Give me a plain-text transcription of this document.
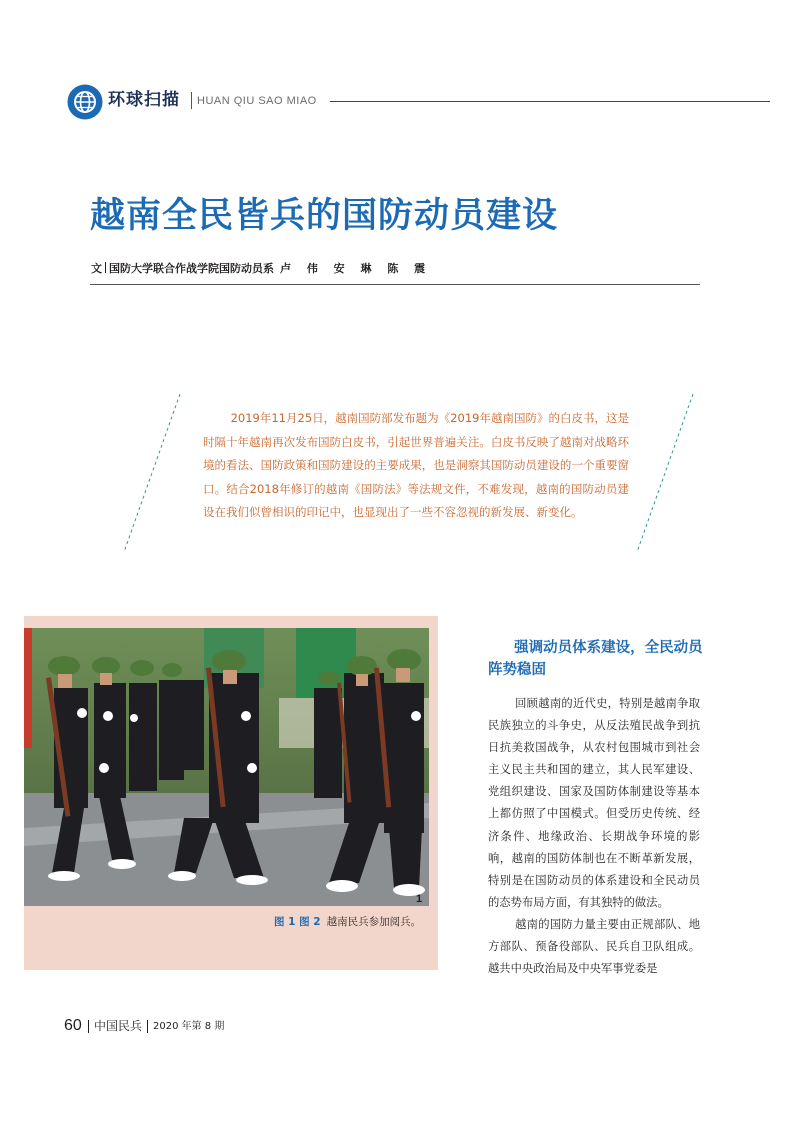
环球扫描 HUAN QIU SAO MIAO
越南全民皆兵的国防动员建设
文 国防大学联合作战学院国防动员系 卢 伟 安 琳 陈 震
2019年11月25日，越南国防部发布题为《2019年越南国防》的白皮书，这是时隔十年越南再次发布国防白皮书，引起世界普遍关注。白皮书反映了越南对战略环境的看法、国防政策和国防建设的主要成果，也是洞察其国防动员建设的一个重要窗口。结合2018年修订的越南《国防法》等法规文件，不难发现，越南的国防动员建设在我们似曾相识的印记中，也显现出了一些不容忽视的新发展、新变化。
1
图 1 图 2 越南民兵参加阅兵。
强调动员体系建设，全民动员阵势稳固

回顾越南的近代史，特别是越南争取民族独立的斗争史，从反法殖民战争到抗日抗美救国战争，从农村包围城市到社会主义民主共和国的建立，其人民军建设、党组织建设、国家及国防体制建设等基本上都仿照了中国模式。但受历史传统、经济条件、地缘政治、长期战争环境的影响，越南的国防体制也在不断革新发展，特别是在国防动员的体系建设和全民动员的态势布局方面，有其独特的做法。

越南的国防力量主要由正规部队、地方部队、预备役部队、民兵自卫队组成。越共中央政治局及中央军事党委是

60 中国民兵 2020 年第 8 期
